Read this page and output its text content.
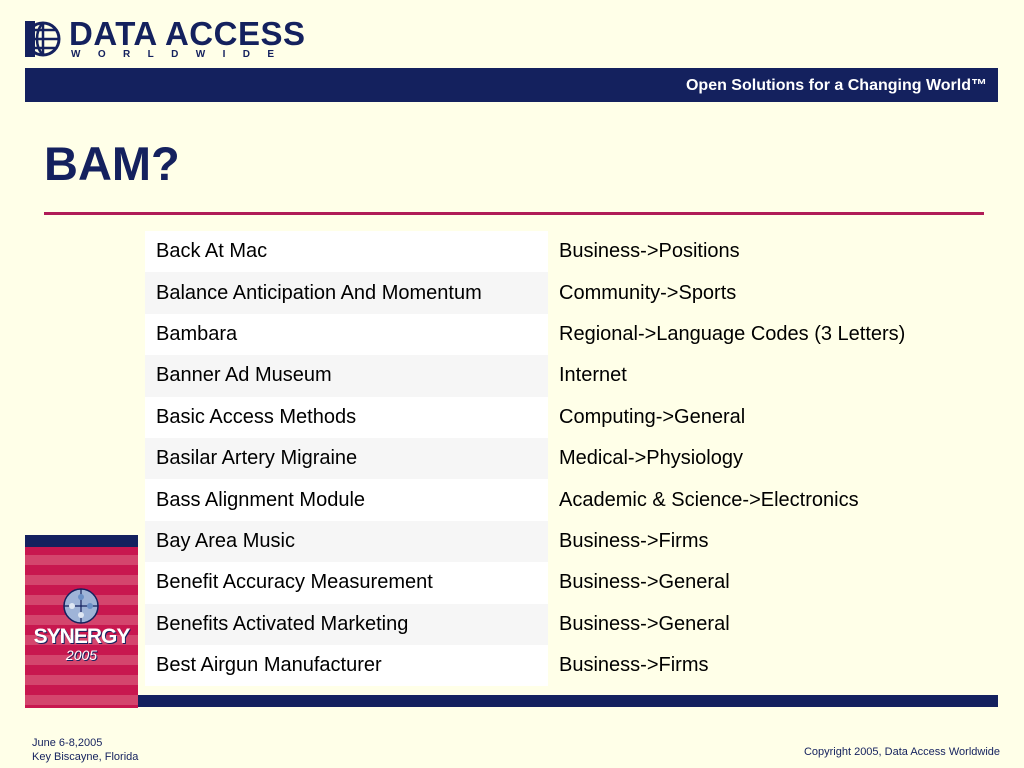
DATA ACCESS
WORLDWIDE
Open Solutions for a Changing World™
BAM?
Back At Mac	Business->Positions
Balance Anticipation And Momentum	Community->Sports
Bambara	Regional->Language Codes (3 Letters)
Banner Ad Museum	Internet
Basic Access Methods	Computing->General
Basilar Artery Migraine	Medical->Physiology
Bass Alignment Module	Academic & Science->Electronics
Bay Area Music	Business->Firms
Benefit Accuracy Measurement	Business->General
Benefits Activated Marketing	Business->General
Best Airgun Manufacturer	Business->Firms
SYNERGY
2005
June 6-8,2005
Key Biscayne, Florida	Copyright 2005, Data Access Worldwide
